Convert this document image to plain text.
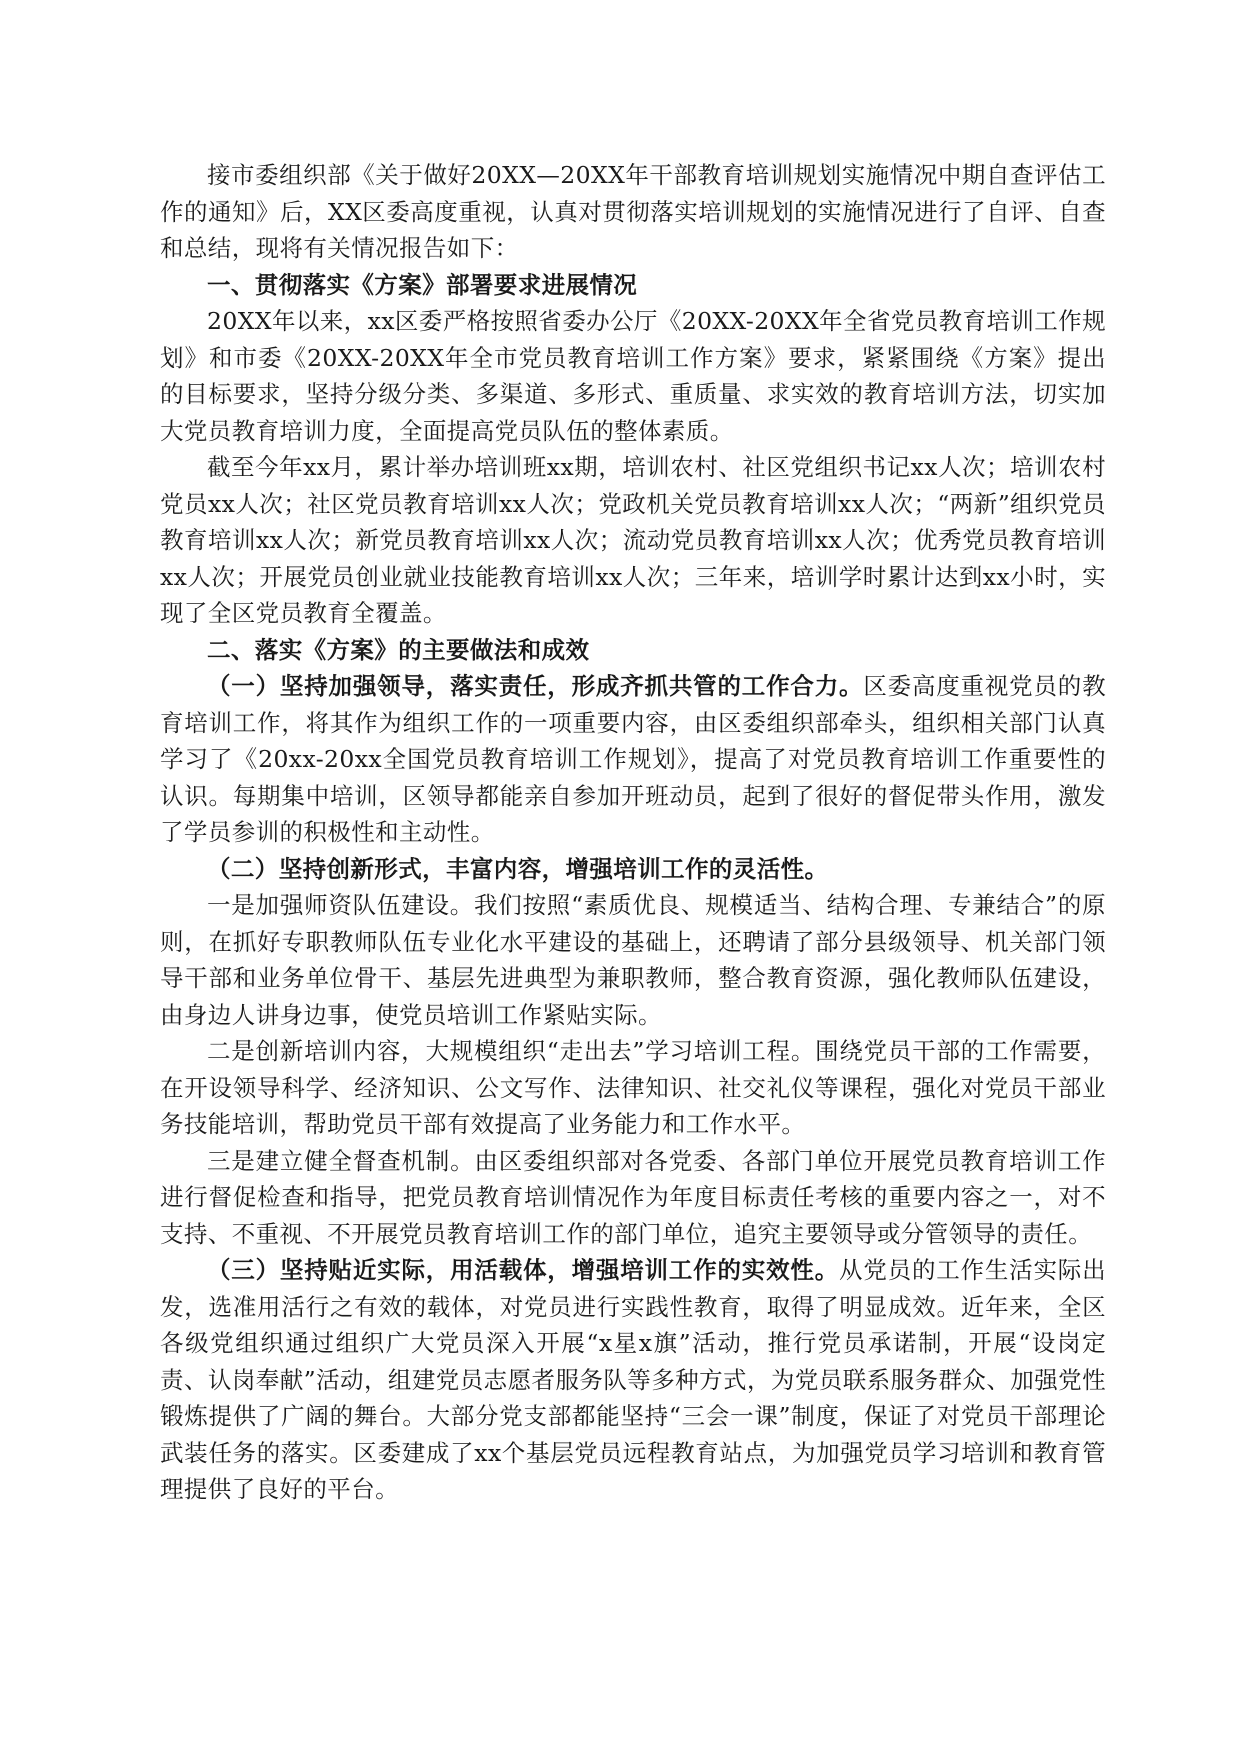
接市委组织部《关于做好20XX—20XX年干部教育培训规划实施情况中期自查评估工作的通知》后，XX区委高度重视，认真对贯彻落实培训规划的实施情况进行了自评、自查和总结，现将有关情况报告如下：

一、贯彻落实《方案》部署要求进展情况

20XX年以来，xx区委严格按照省委办公厅《20XX-20XX年全省党员教育培训工作规划》和市委《20XX-20XX年全市党员教育培训工作方案》要求，紧紧围绕《方案》提出的目标要求，坚持分级分类、多渠道、多形式、重质量、求实效的教育培训方法，切实加大党员教育培训力度，全面提高党员队伍的整体素质。

截至今年xx月，累计举办培训班xx期，培训农村、社区党组织书记xx人次；培训农村党员xx人次；社区党员教育培训xx人次；党政机关党员教育培训xx人次；“两新”组织党员教育培训xx人次；新党员教育培训xx人次；流动党员教育培训xx人次；优秀党员教育培训xx人次；开展党员创业就业技能教育培训xx人次；三年来，培训学时累计达到xx小时，实现了全区党员教育全覆盖。

二、落实《方案》的主要做法和成效

（一）坚持加强领导，落实责任，形成齐抓共管的工作合力。区委高度重视党员的教育培训工作，将其作为组织工作的一项重要内容，由区委组织部牵头，组织相关部门认真学习了《20xx-20xx全国党员教育培训工作规划》，提高了对党员教育培训工作重要性的认识。每期集中培训，区领导都能亲自参加开班动员，起到了很好的督促带头作用，激发了学员参训的积极性和主动性。

（二）坚持创新形式，丰富内容，增强培训工作的灵活性。

一是加强师资队伍建设。我们按照“素质优良、规模适当、结构合理、专兼结合”的原则，在抓好专职教师队伍专业化水平建设的基础上，还聘请了部分县级领导、机关部门领导干部和业务单位骨干、基层先进典型为兼职教师，整合教育资源，强化教师队伍建设，由身边人讲身边事，使党员培训工作紧贴实际。

二是创新培训内容，大规模组织“走出去”学习培训工程。围绕党员干部的工作需要，在开设领导科学、经济知识、公文写作、法律知识、社交礼仪等课程，强化对党员干部业务技能培训，帮助党员干部有效提高了业务能力和工作水平。

三是建立健全督查机制。由区委组织部对各党委、各部门单位开展党员教育培训工作进行督促检查和指导，把党员教育培训情况作为年度目标责任考核的重要内容之一，对不支持、不重视、不开展党员教育培训工作的部门单位，追究主要领导或分管领导的责任。

（三）坚持贴近实际，用活载体，增强培训工作的实效性。从党员的工作生活实际出发，选准用活行之有效的载体，对党员进行实践性教育，取得了明显成效。近年来，全区各级党组织通过组织广大党员深入开展“x星x旗”活动，推行党员承诺制，开展“设岗定责、认岗奉献”活动，组建党员志愿者服务队等多种方式，为党员联系服务群众、加强党性锻炼提供了广阔的舞台。大部分党支部都能坚持“三会一课”制度，保证了对党员干部理论武装任务的落实。区委建成了xx个基层党员远程教育站点，为加强党员学习培训和教育管理提供了良好的平台。
